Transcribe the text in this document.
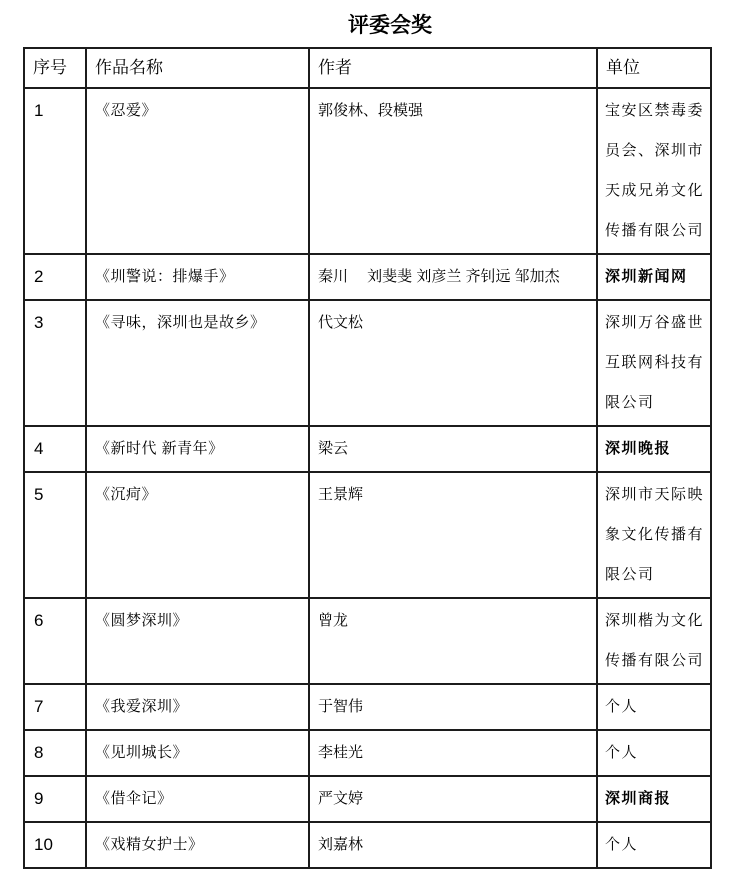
评委会奖
序号	作品名称	作者	单位
1	《忍爱》	郭俊林、段模强	宝安区禁毒委员会、深圳市天成兄弟文化传播有限公司
2	《圳警说：排爆手》	秦川　 刘斐斐 刘彦兰 齐钊远 邹加杰	深圳新闻网
3	《寻味，深圳也是故乡》	代文松	深圳万谷盛世互联网科技有限公司
4	《新时代 新青年》	梁云	深圳晚报
5	《沉疴》	王景辉	深圳市天际映象文化传播有限公司
6	《圆梦深圳》	曾龙	深圳楷为文化传播有限公司
7	《我爱深圳》	于智伟	个人
8	《见圳城长》	李桂光	个人
9	《借伞记》	严文婷	深圳商报
10	《戏精女护士》	刘嘉林	个人
